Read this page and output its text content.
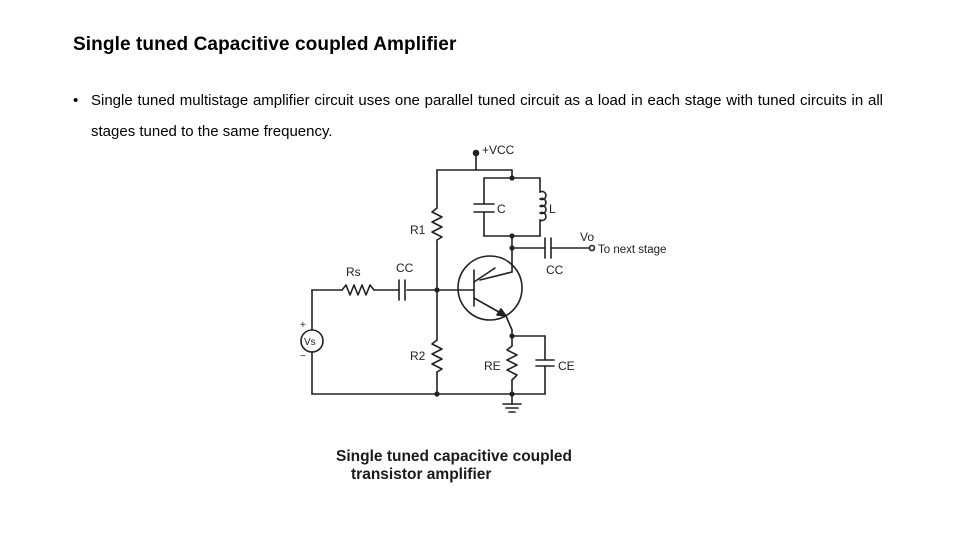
Single tuned Capacitive coupled Amplifier
• Single tuned multistage amplifier circuit uses one parallel tuned circuit as a load in each stage with tuned circuits in all stages tuned to the same frequency.
+VCC
C	L
R1	Vo
To next stage
CC
Rs	CC
+
Vs
−	R2
RE	CE
Single tuned capacitive coupled
transistor amplifier
